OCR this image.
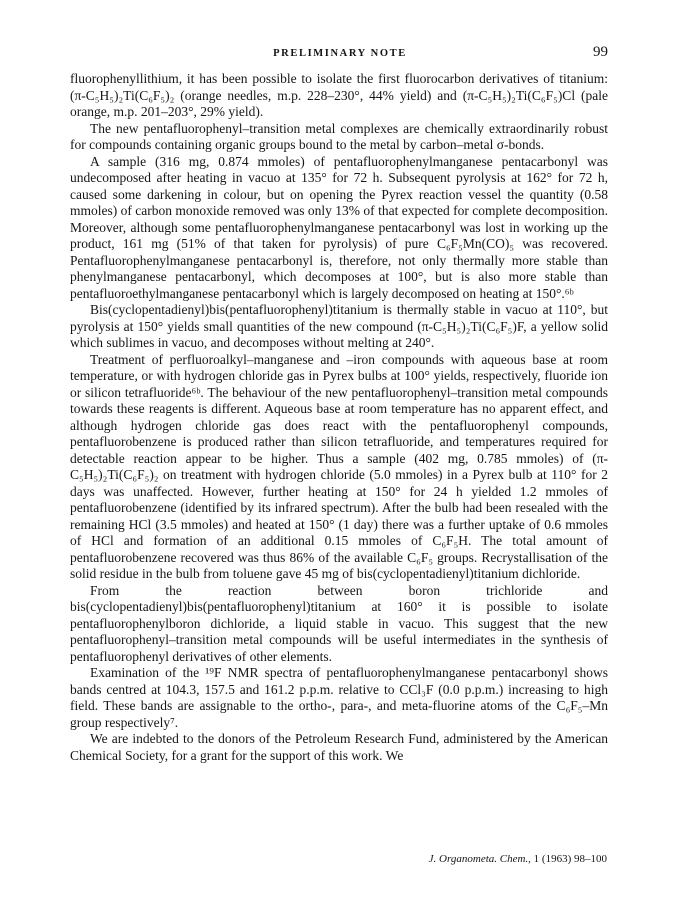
PRELIMINARY NOTE	99

fluorophenyllithium, it has been possible to isolate the first fluorocarbon derivatives of titanium: (π-C₅H₅)₂Ti(C₆F₅)₂ (orange needles, m.p. 228–230°, 44% yield) and (π-C₅H₅)₂Ti(C₆F₅)Cl (pale orange, m.p. 201–203°, 29% yield).

The new pentafluorophenyl–transition metal complexes are chemically extraordinarily robust for compounds containing organic groups bound to the metal by carbon–metal σ-bonds.

A sample (316 mg, 0.874 mmoles) of pentafluorophenylmanganese pentacarbonyl was undecomposed after heating in vacuo at 135° for 72 h. Subsequent pyrolysis at 162° for 72 h, caused some darkening in colour, but on opening the Pyrex reaction vessel the quantity (0.58 mmoles) of carbon monoxide removed was only 13% of that expected for complete decomposition. Moreover, although some pentafluorophenylmanganese pentacarbonyl was lost in working up the product, 161 mg (51% of that taken for pyrolysis) of pure C₆F₅Mn(CO)₅ was recovered. Pentafluorophenylmanganese pentacarbonyl is, therefore, not only thermally more stable than phenylmanganese pentacarbonyl, which decomposes at 100°, but is also more stable than pentafluoroethylmanganese pentacarbonyl which is largely decomposed on heating at 150°.⁶ᵇ

Bis(cyclopentadienyl)bis(pentafluorophenyl)titanium is thermally stable in vacuo at 110°, but pyrolysis at 150° yields small quantities of the new compound (π-C₅H₅)₂Ti(C₆F₅)F, a yellow solid which sublimes in vacuo, and decomposes without melting at 240°.

Treatment of perfluoroalkyl–manganese and –iron compounds with aqueous base at room temperature, or with hydrogen chloride gas in Pyrex bulbs at 100° yields, respectively, fluoride ion or silicon tetrafluoride⁶ᵇ. The behaviour of the new pentafluorophenyl–transition metal compounds towards these reagents is different. Aqueous base at room temperature has no apparent effect, and although hydrogen chloride gas does react with the pentafluorophenyl compounds, pentafluorobenzene is produced rather than silicon tetrafluoride, and temperatures required for detectable reaction appear to be higher. Thus a sample (402 mg, 0.785 mmoles) of (π-C₅H₅)₂Ti(C₆F₅)₂ on treatment with hydrogen chloride (5.0 mmoles) in a Pyrex bulb at 110° for 2 days was unaffected. However, further heating at 150° for 24 h yielded 1.2 mmoles of pentafluorobenzene (identified by its infrared spectrum). After the bulb had been resealed with the remaining HCl (3.5 mmoles) and heated at 150° (1 day) there was a further uptake of 0.6 mmoles of HCl and formation of an additional 0.15 mmoles of C₆F₅H. The total amount of pentafluorobenzene recovered was thus 86% of the available C₆F₅ groups. Recrystallisation of the solid residue in the bulb from toluene gave 45 mg of bis(cyclopentadienyl)titanium dichloride.

From the reaction between boron trichloride and bis(cyclopentadienyl)bis(pentafluorophenyl)titanium at 160° it is possible to isolate pentafluorophenylboron dichloride, a liquid stable in vacuo. This suggest that the new pentafluorophenyl–transition metal compounds will be useful intermediates in the synthesis of pentafluorophenyl derivatives of other elements.

Examination of the ¹⁹F NMR spectra of pentafluorophenylmanganese pentacarbonyl shows bands centred at 104.3, 157.5 and 161.2 p.p.m. relative to CCl₃F (0.0 p.p.m.) increasing to high field. These bands are assignable to the ortho-, para-, and meta-fluorine atoms of the C₆F₅–Mn group respectively⁷.

We are indebted to the donors of the Petroleum Research Fund, administered by the American Chemical Society, for a grant for the support of this work. We

J. Organometa. Chem., 1 (1963) 98–100
